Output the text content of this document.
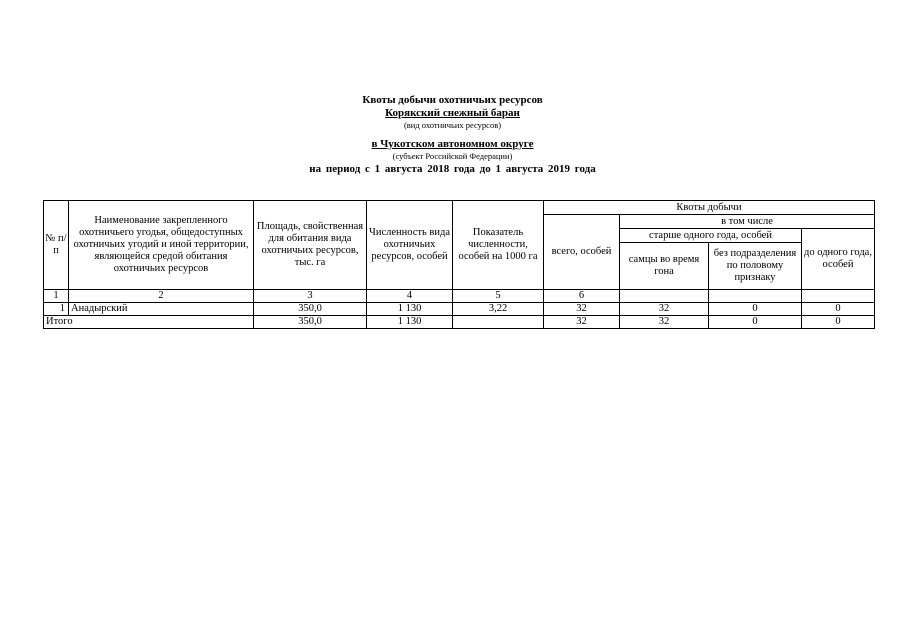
Квоты добычи охотничьих ресурсов
Корякский снежный баран
(вид охотничьих ресурсов)
в Чукотском автономном округе
(субъект Российской Федерации)
на период с 1 августа 2018 года до 1 августа 2019 года
№ п/п	Наименование закрепленного охотничьего угодья, общедоступных охотничьих угодий и иной территории, являющейся средой обитания охотничьих ресурсов	Площадь, свойственная для обитания вида охотничьих ресурсов, тыс. га	Численность вида охотничьих ресурсов, особей	Показатель численности, особей на 1000 га	Квоты добычи			
					всего, особей	в том числе		
						старше одного года, особей		до одного года, особей
						самцы во время гона	без подразделения по половому признаку	
1	2	3	4	5	6			
1	Анадырский	350,0	1 130	3,22	32	32	0	0
Итого		350,0	1 130		32	32	0	0
